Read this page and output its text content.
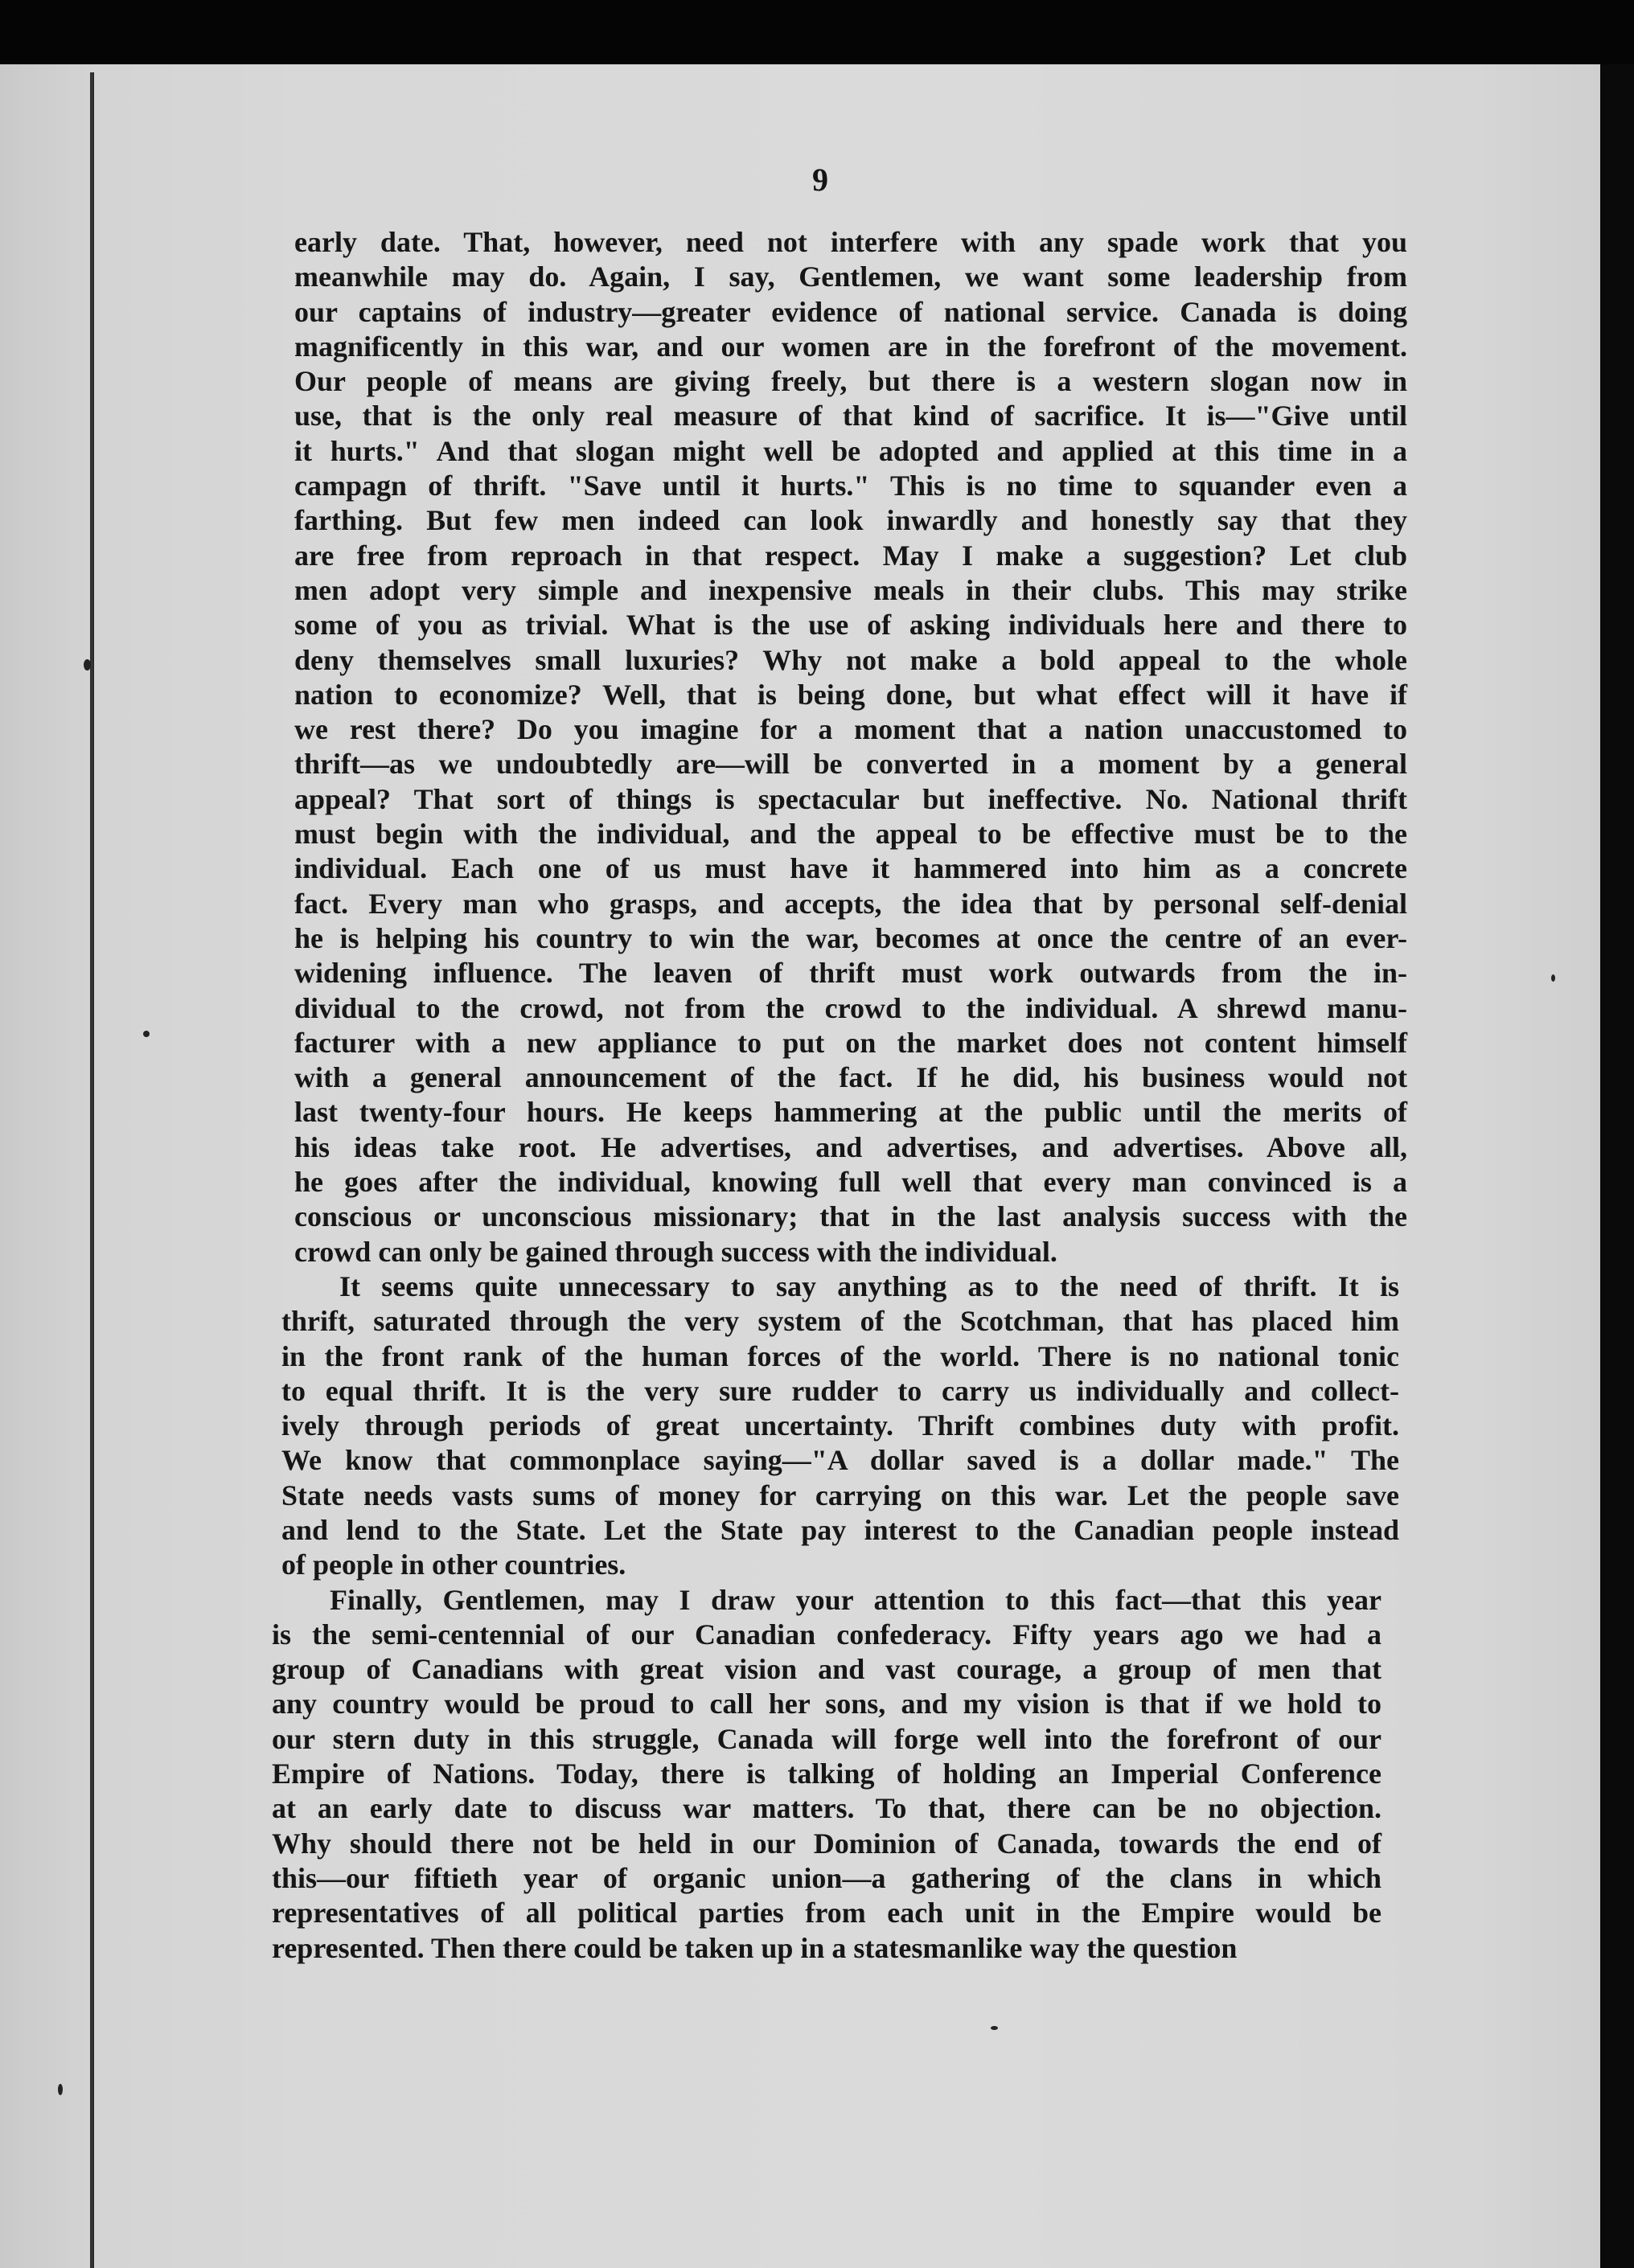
9
early date. That, however, need not interfere with any spade work that you
meanwhile may do. Again, I say, Gentlemen, we want some leadership from
our captains of industry—greater evidence of national service. Canada is doing
magnificently in this war, and our women are in the forefront of the movement.
Our people of means are giving freely, but there is a western slogan now in
use, that is the only real measure of that kind of sacrifice. It is—"Give until
it hurts." And that slogan might well be adopted and applied at this time in a
campagn of thrift. "Save until it hurts." This is no time to squander even a
farthing. But few men indeed can look inwardly and honestly say that they
are free from reproach in that respect. May I make a suggestion? Let club
men adopt very simple and inexpensive meals in their clubs. This may strike
some of you as trivial. What is the use of asking individuals here and there to
deny themselves small luxuries? Why not make a bold appeal to the whole
nation to economize? Well, that is being done, but what effect will it have if
we rest there? Do you imagine for a moment that a nation unaccustomed to
thrift—as we undoubtedly are—will be converted in a moment by a general
appeal? That sort of things is spectacular but ineffective. No. National thrift
must begin with the individual, and the appeal to be effective must be to the
individual. Each one of us must have it hammered into him as a concrete
fact. Every man who grasps, and accepts, the idea that by personal self-denial
he is helping his country to win the war, becomes at once the centre of an ever-
widening influence. The leaven of thrift must work outwards from the in-
dividual to the crowd, not from the crowd to the individual. A shrewd manu-
facturer with a new appliance to put on the market does not content himself
with a general announcement of the fact. If he did, his business would not
last twenty-four hours. He keeps hammering at the public until the merits of
his ideas take root. He advertises, and advertises, and advertises. Above all,
he goes after the individual, knowing full well that every man convinced is a
conscious or unconscious missionary; that in the last analysis success with the
crowd can only be gained through success with the individual.
It seems quite unnecessary to say anything as to the need of thrift. It is
thrift, saturated through the very system of the Scotchman, that has placed him
in the front rank of the human forces of the world. There is no national tonic
to equal thrift. It is the very sure rudder to carry us individually and collect-
ively through periods of great uncertainty. Thrift combines duty with profit.
We know that commonplace saying—"A dollar saved is a dollar made." The
State needs vasts sums of money for carrying on this war. Let the people save
and lend to the State. Let the State pay interest to the Canadian people instead
of people in other countries.
Finally, Gentlemen, may I draw your attention to this fact—that this year
is the semi-centennial of our Canadian confederacy. Fifty years ago we had a
group of Canadians with great vision and vast courage, a group of men that
any country would be proud to call her sons, and my vision is that if we hold to
our stern duty in this struggle, Canada will forge well into the forefront of our
Empire of Nations. Today, there is talking of holding an Imperial Conference
at an early date to discuss war matters. To that, there can be no objection.
Why should there not be held in our Dominion of Canada, towards the end of
this—our fiftieth year of organic union—a gathering of the clans in which
representatives of all political parties from each unit in the Empire would be
represented. Then there could be taken up in a statesmanlike way the question
